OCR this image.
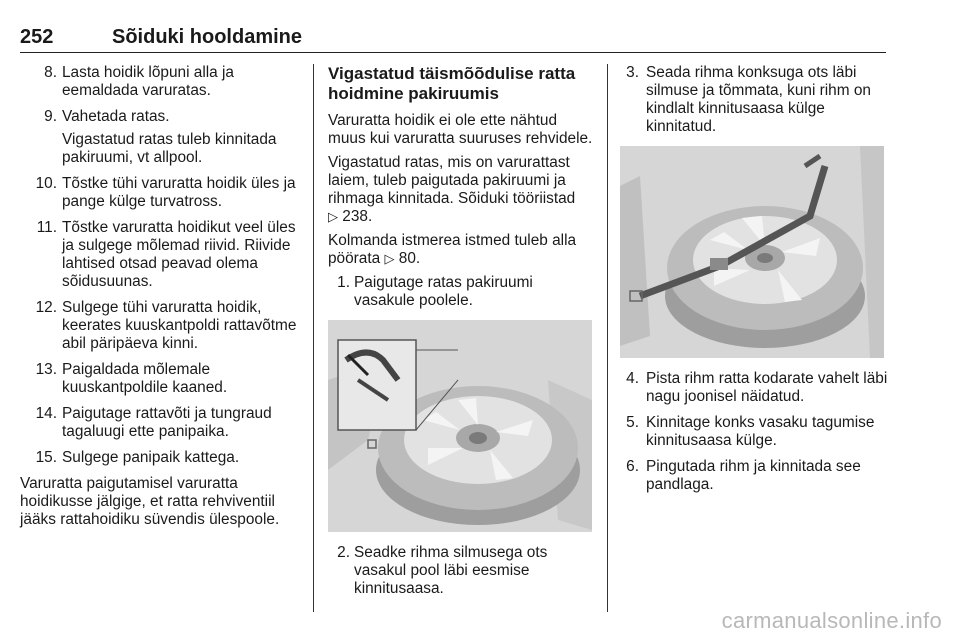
252	Sõiduki hooldamine
8. Lasta hoidik lõpuni alla ja eemaldada varuratas.
9. Vahetada ratas.
Vigastatud ratas tuleb kinnitada pakiruumi, vt allpool.
10. Tõstke tühi varuratta hoidik üles ja pange külge turvatross.
11. Tõstke varuratta hoidikut veel üles ja sulgege mõlemad riivid. Riivide lahtised otsad peavad olema sõidusuunas.
12. Sulgege tühi varuratta hoidik, keerates kuuskantpoldi rattavõtme abil päripäeva kinni.
13. Paigaldada mõlemale kuuskantpoldile kaaned.
14. Paigutage rattavõti ja tungraud tagaluugi ette panipaika.
15. Sulgege panipaik kattega.
Varuratta paigutamisel varuratta hoidikusse jälgige, et ratta rehviventiil jääks rattahoidiku süvendis ülespoole.
Vigastatud täismõõdulise ratta hoidmine pakiruumis
Varuratta hoidik ei ole ette nähtud muus kui varuratta suuruses rehvidele.
Vigastatud ratas, mis on varurattast laiem, tuleb paigutada pakiruumi ja rihmaga kinnitada. Sõiduki tööriistad
▷ 238.
Kolmanda istmerea istmed tuleb alla pöörata ▷ 80.
1. Paigutage ratas pakiruumi vasakule poolele.
2. Seadke rihma silmusega ots vasakul pool läbi eesmise kinnitusaasa.
3. Seada rihma konksuga ots läbi silmuse ja tõmmata, kuni rihm on kindlalt kinnitusaasa külge kinnitatud.
4. Pista rihm ratta kodarate vahelt läbi nagu joonisel näidatud.
5. Kinnitage konks vasaku tagumise kinnitusaasa külge.
6. Pingutada rihm ja kinnitada see pandlaga.
carmanualsonline.info
